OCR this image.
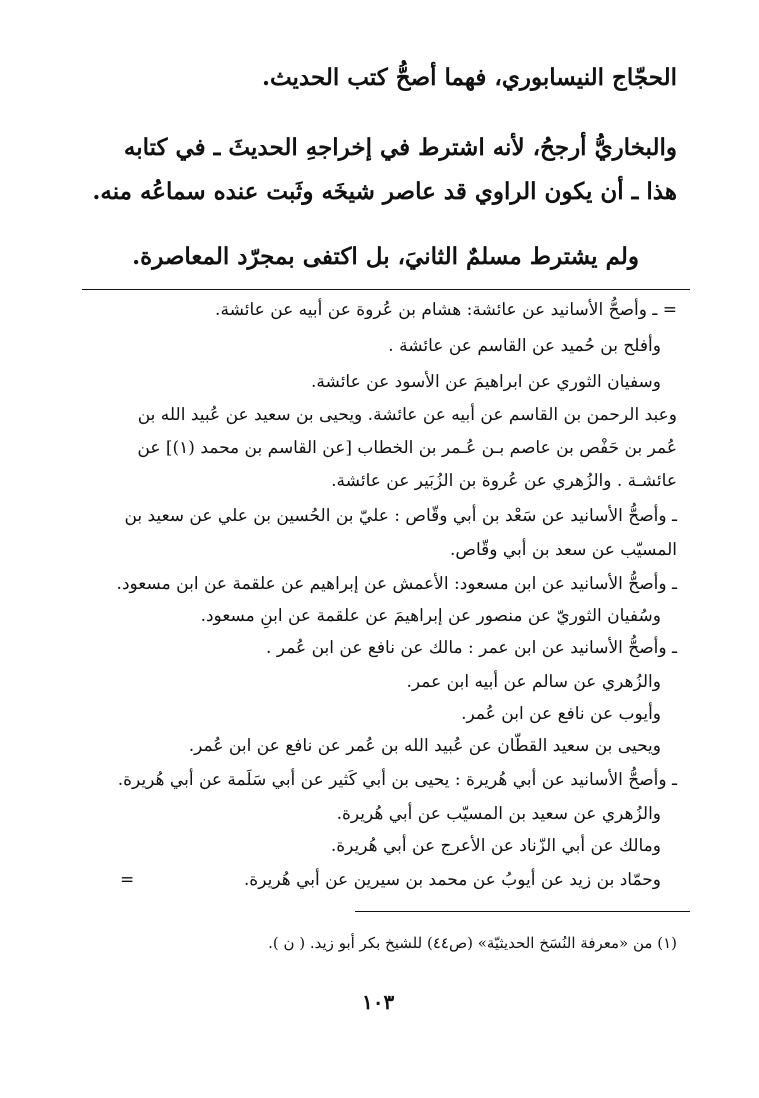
الحجّاج النيسابوري، فهما أصحُّ كتب الحديث.
والبخاريُّ أرجحُ، لأنه اشترط في إخراجهِ الحديثَ ـ في كتابه
هذا ـ أن يكون الراوي قد عاصر شيخَه وثَبت عنده سماعُه منه.
ولم يشترط مسلمٌ الثانيَ، بل اكتفى بمجرّد المعاصرة.
= ـ وأصحُّ الأسانيد عن عائشة: هشام بن عُروة عن أبيه عن عائشة.
وأفلح بن حُميد عن القاسم عن عائشة .
وسفيان الثوري عن ابراهيمَ عن الأسود عن عائشة.
وعبد الرحمن بن القاسم عن أبيه عن عائشة. ويحيى بن سعيد عن عُبيد الله بن
عُمر بن حَفْص بن عاصم بـن عُـمر بن الخطاب [عن القاسم بن محمد (١)] عن
عائشـة . والزُهري عن عُروة بن الزُبَير عن عائشة.
ـ وأصحُّ الأسانيد عن سَعْد بن أبي وقّاص : عليّ بن الحُسين بن علي عن سعيد بن
المسيّب عن سعد بن أبي وقّاص.
ـ وأصحُّ الأسانيد عن ابن مسعود: الأعمش عن إبراهيم عن علقمة عن ابن مسعود.
وسُفيان الثوريّ عن منصور عن إبراهيمَ عن علقمة عن ابنِ مسعود.
ـ وأصحُّ الأسانيد عن ابن عمر : مالك عن نافع عن ابن عُمر .
والزُهري عن سالم عن أبيه ابن عمر.
وأيوب عن نافع عن ابن عُمر.
ويحيى بن سعيد القطّان عن عُبيد الله بن عُمر عن نافع عن ابن عُمر.
ـ وأصحُّ الأسانيد عن أبي هُريرة : يحيى بن أبي كَثير عن أبي سَلَمة عن أبي هُريرة.
والزُهري عن سعيد بن المسيّب عن أبي هُريرة.
ومالك عن أبي الزّناد عن الأعرج عن أبي هُريرة.
وحمّاد بن زيد عن أيوبُ عن محمد بن سيرين عن أبي هُريرة.
=
(١) من «معرفة النُسَخ الحديثيّة» (ص٤٤) للشيخ بكر أبو زيد. ( ن ).
١٠٣
